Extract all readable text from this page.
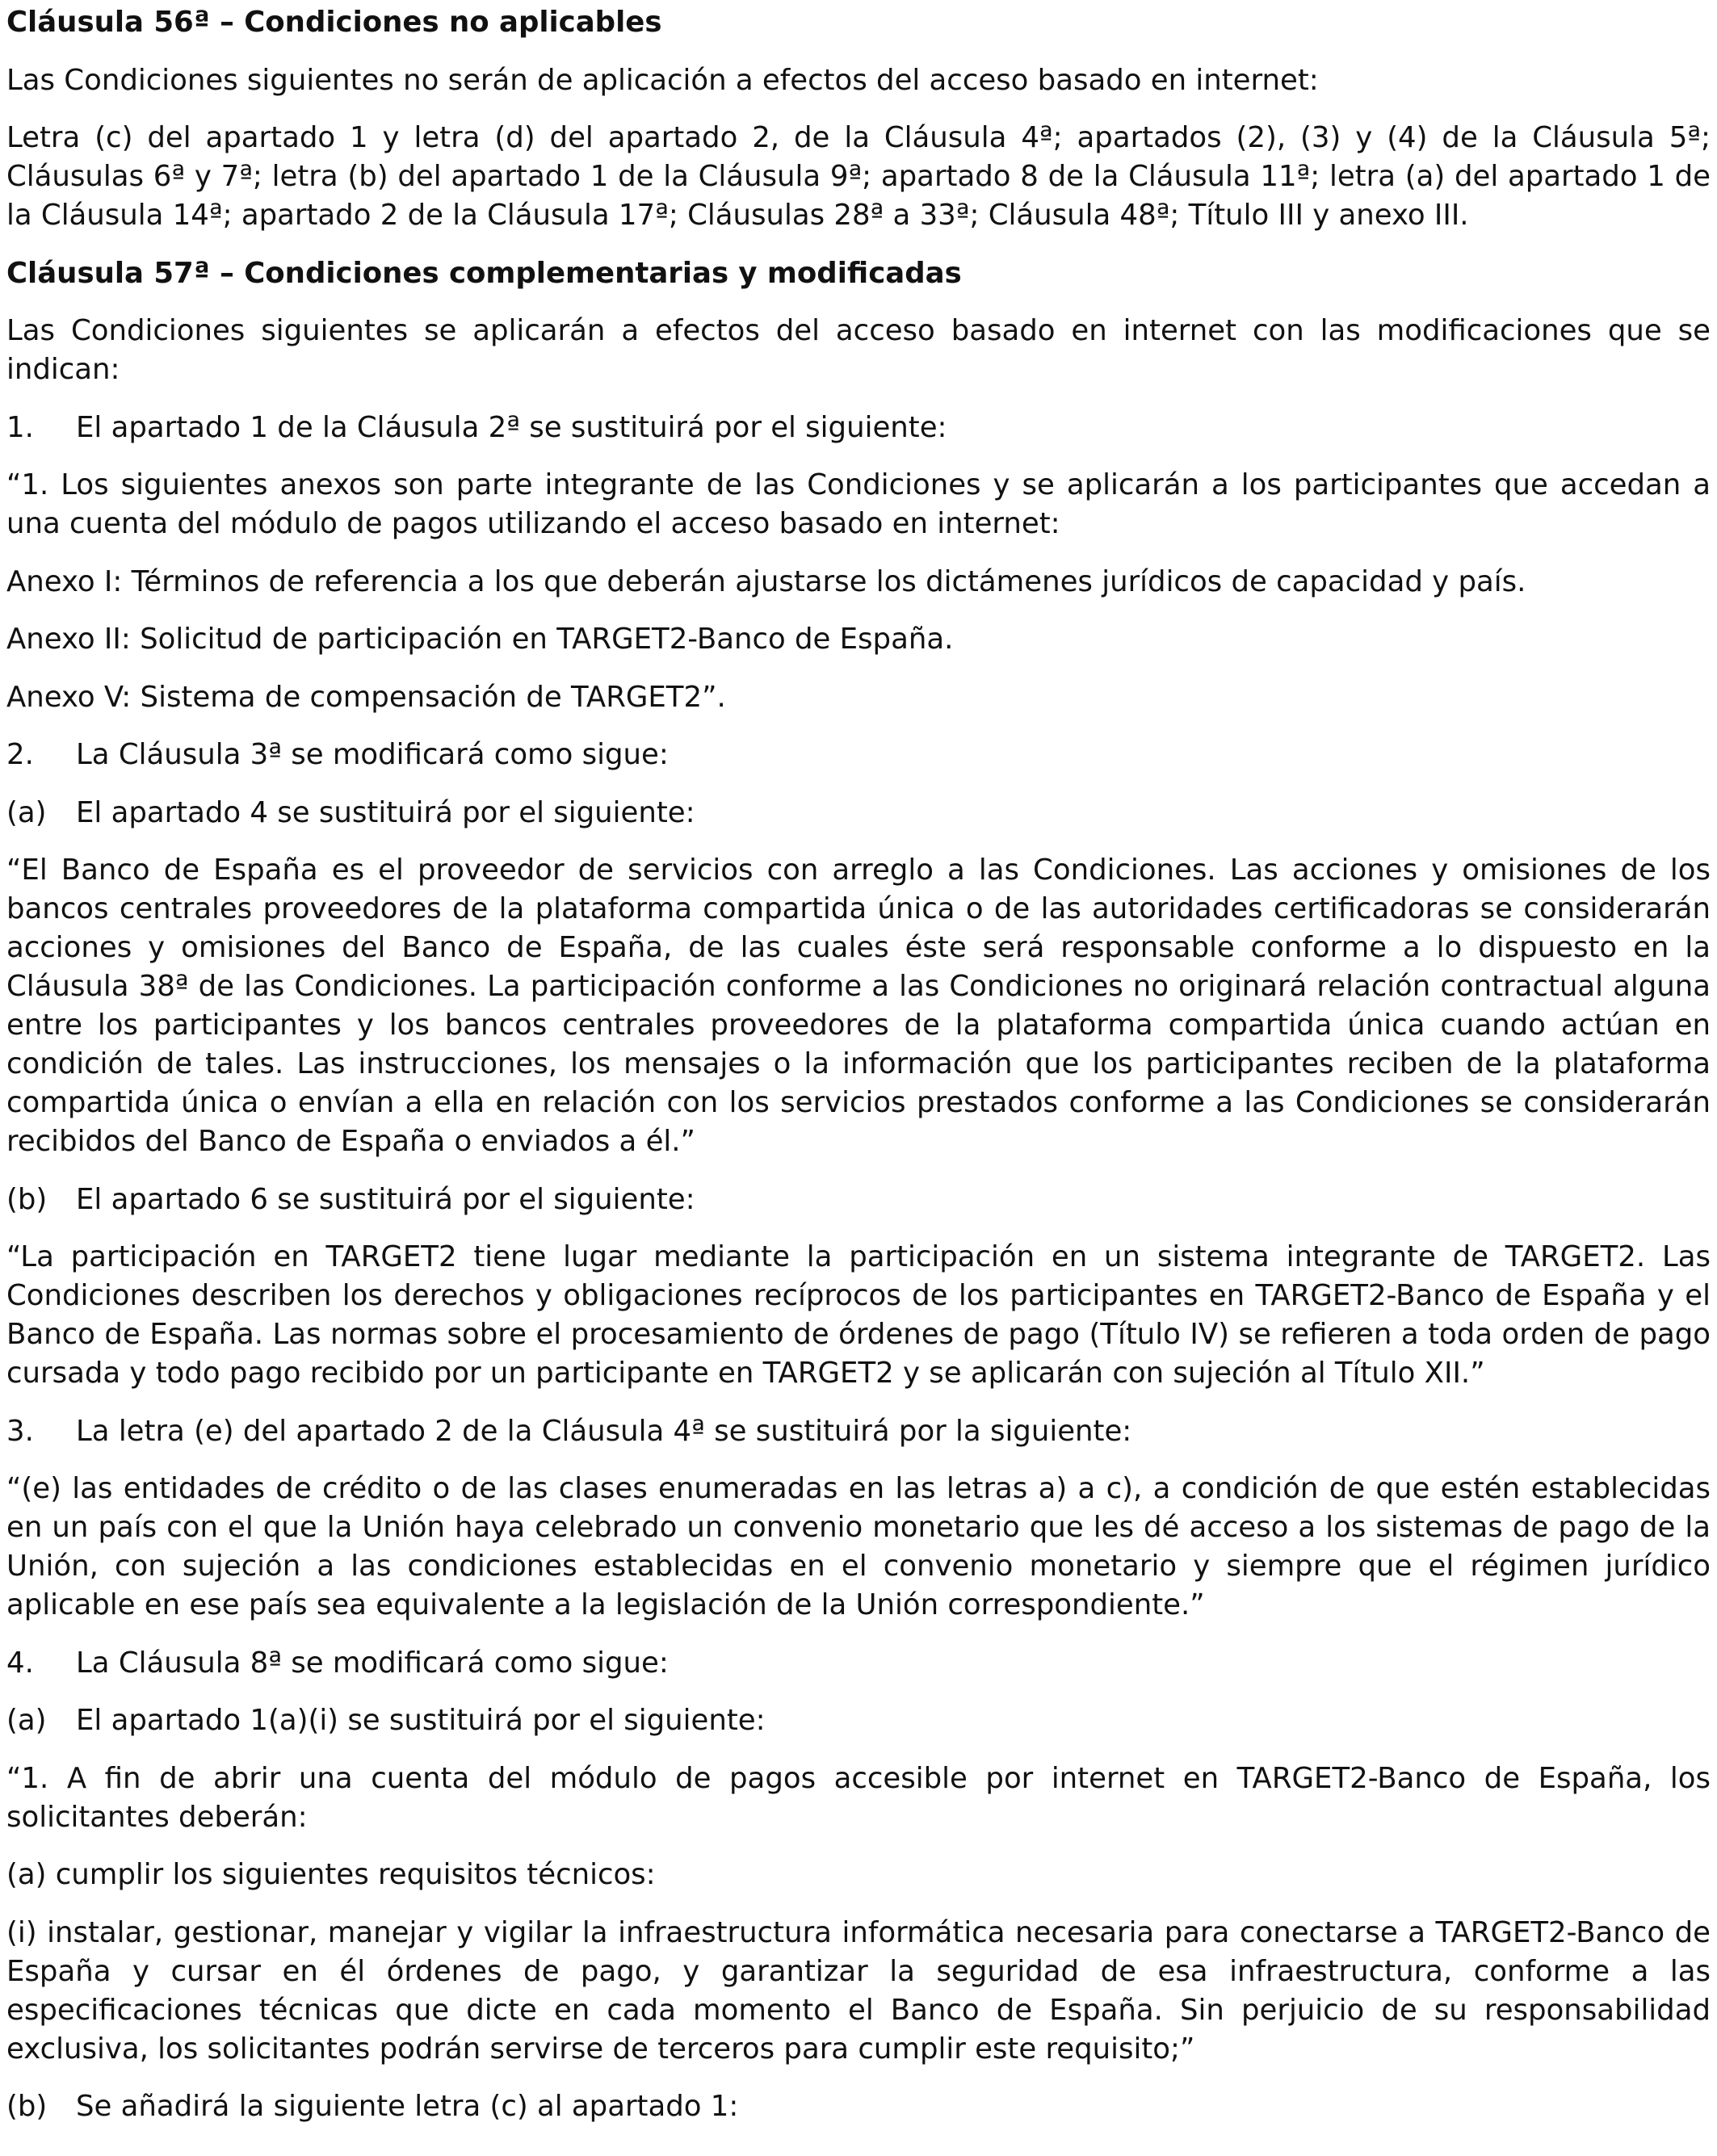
Cláusula 56ª – Condiciones no aplicables
Las Condiciones siguientes no serán de aplicación a efectos del acceso basado en internet:
Letra (c) del apartado 1 y letra (d) del apartado 2, de la Cláusula 4ª; apartados (2), (3) y (4) de la Cláusula 5ª; Cláusulas 6ª y 7ª; letra (b) del apartado 1 de la Cláusula 9ª; apartado 8 de la Cláusula 11ª; letra (a) del apartado 1 de la Cláusula 14ª; apartado 2 de la Cláusula 17ª; Cláusulas 28ª a 33ª; Cláusula 48ª; Título III y anexo III.
Cláusula 57ª – Condiciones complementarias y modificadas
Las Condiciones siguientes se aplicarán a efectos del acceso basado en internet con las modificaciones que se indican:
1. El apartado 1 de la Cláusula 2ª se sustituirá por el siguiente:
“1. Los siguientes anexos son parte integrante de las Condiciones y se aplicarán a los participantes que accedan a una cuenta del módulo de pagos utilizando el acceso basado en internet:
Anexo I: Términos de referencia a los que deberán ajustarse los dictámenes jurídicos de capacidad y país.
Anexo II: Solicitud de participación en TARGET2-Banco de España.
Anexo V: Sistema de compensación de TARGET2”.
2. La Cláusula 3ª se modificará como sigue:
(a) El apartado 4 se sustituirá por el siguiente:
“El Banco de España es el proveedor de servicios con arreglo a las Condiciones. Las acciones y omisiones de los bancos centrales proveedores de la plataforma compartida única o de las autoridades certificadoras se considerarán acciones y omisiones del Banco de España, de las cuales éste será responsable conforme a lo dispuesto en la Cláusula 38ª de las Condiciones. La participación conforme a las Condiciones no originará relación contractual alguna entre los participantes y los bancos centrales proveedores de la plataforma compartida única cuando actúan en condición de tales. Las instrucciones, los mensajes o la información que los participantes reciben de la plataforma compartida única o envían a ella en relación con los servicios prestados conforme a las Condiciones se considerarán recibidos del Banco de España o enviados a él.”
(b) El apartado 6 se sustituirá por el siguiente:
“La participación en TARGET2 tiene lugar mediante la participación en un sistema integrante de TARGET2. Las Condiciones describen los derechos y obligaciones recíprocos de los participantes en TARGET2-Banco de España y el Banco de España. Las normas sobre el procesamiento de órdenes de pago (Título IV) se refieren a toda orden de pago cursada y todo pago recibido por un participante en TARGET2 y se aplicarán con sujeción al Título XII.”
3. La letra (e) del apartado 2 de la Cláusula 4ª se sustituirá por la siguiente:
“(e) las entidades de crédito o de las clases enumeradas en las letras a) a c), a condición de que estén establecidas en un país con el que la Unión haya celebrado un convenio monetario que les dé acceso a los sistemas de pago de la Unión, con sujeción a las condiciones establecidas en el convenio monetario y siempre que el régimen jurídico aplicable en ese país sea equivalente a la legislación de la Unión correspondiente.”
4. La Cláusula 8ª se modificará como sigue:
(a) El apartado 1(a)(i) se sustituirá por el siguiente:
“1. A fin de abrir una cuenta del módulo de pagos accesible por internet en TARGET2-Banco de España, los solicitantes deberán:
(a) cumplir los siguientes requisitos técnicos:
(i) instalar, gestionar, manejar y vigilar la infraestructura informática necesaria para conectarse a TARGET2-Banco de España y cursar en él órdenes de pago, y garantizar la seguridad de esa infraestructura, conforme a las especificaciones técnicas que dicte en cada momento el Banco de España. Sin perjuicio de su responsabilidad exclusiva, los solicitantes podrán servirse de terceros para cumplir este requisito;”
(b) Se añadirá la siguiente letra (c) al apartado 1:
